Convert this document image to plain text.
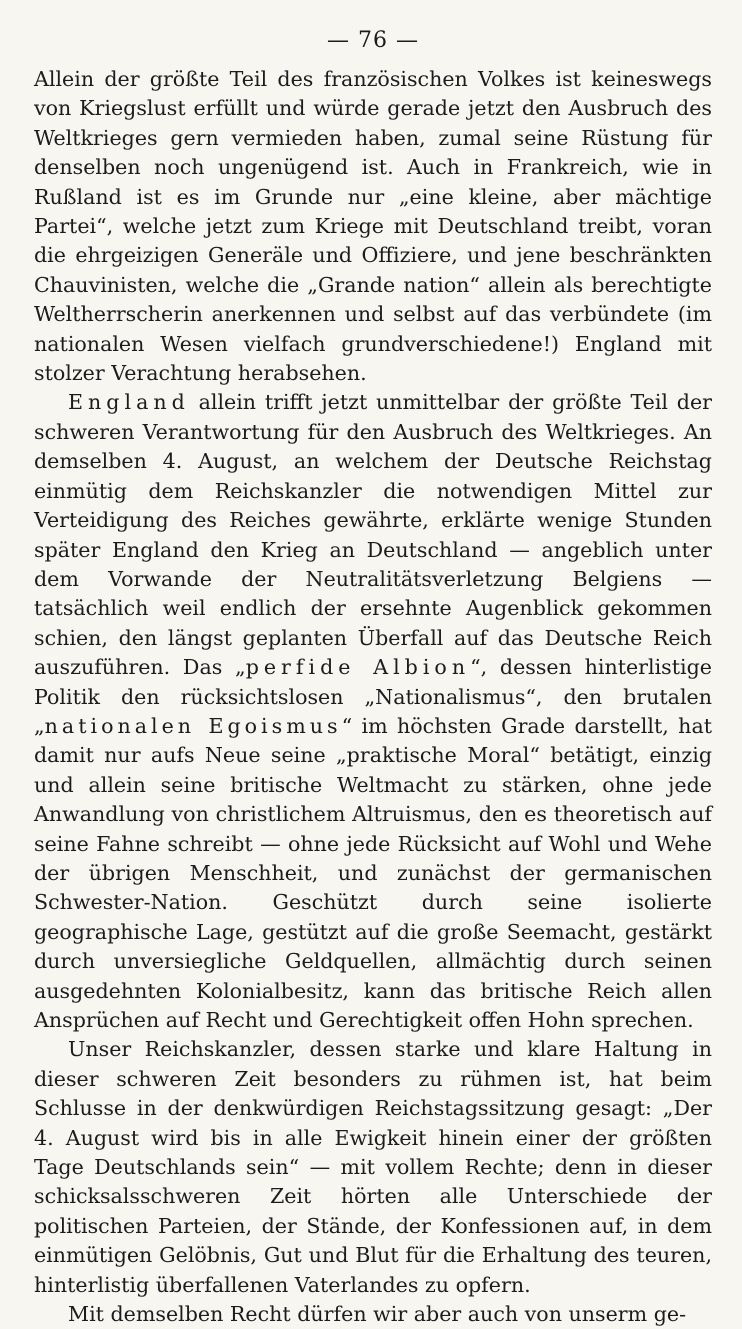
— 76 —

Allein der größte Teil des französischen Volkes ist keineswegs von Kriegslust erfüllt und würde gerade jetzt den Ausbruch des Weltkrieges gern vermieden haben, zumal seine Rüstung für denselben noch ungenügend ist. Auch in Frankreich, wie in Rußland ist es im Grunde nur „eine kleine, aber mächtige Partei“, welche jetzt zum Kriege mit Deutschland treibt, voran die ehrgeizigen Generäle und Offiziere, und jene beschränkten Chauvinisten, welche die „Grande nation“ allein als berechtigte Weltherrscherin anerkennen und selbst auf das verbündete (im nationalen Wesen vielfach grundverschiedene!) England mit stolzer Verachtung herabsehen.

England allein trifft jetzt unmittelbar der größte Teil der schweren Verantwortung für den Ausbruch des Weltkrieges. An demselben 4. August, an welchem der Deutsche Reichstag einmütig dem Reichskanzler die notwendigen Mittel zur Verteidigung des Reiches gewährte, erklärte wenige Stunden später England den Krieg an Deutschland — angeblich unter dem Vorwande der Neutralitätsverletzung Belgiens — tatsächlich weil endlich der ersehnte Augenblick gekommen schien, den längst geplanten Überfall auf das Deutsche Reich auszuführen. Das „perfide Albion“, dessen hinterlistige Politik den rücksichtslosen „Nationalismus“, den brutalen „nationalen Egoismus“ im höchsten Grade darstellt, hat damit nur aufs Neue seine „praktische Moral“ betätigt, einzig und allein seine britische Weltmacht zu stärken, ohne jede Anwandlung von christlichem Altruismus, den es theoretisch auf seine Fahne schreibt — ohne jede Rücksicht auf Wohl und Wehe der übrigen Menschheit, und zunächst der germanischen Schwester-Nation. Geschützt durch seine isolierte geographische Lage, gestützt auf die große Seemacht, gestärkt durch unversiegliche Geldquellen, allmächtig durch seinen ausgedehnten Kolonialbesitz, kann das britische Reich allen Ansprüchen auf Recht und Gerechtigkeit offen Hohn sprechen.

Unser Reichskanzler, dessen starke und klare Haltung in dieser schweren Zeit besonders zu rühmen ist, hat beim Schlusse in der denkwürdigen Reichstagssitzung gesagt: „Der 4. August wird bis in alle Ewigkeit hinein einer der größten Tage Deutschlands sein“ — mit vollem Rechte; denn in dieser schicksalsschweren Zeit hörten alle Unterschiede der politischen Parteien, der Stände, der Konfessionen auf, in dem einmütigen Gelöbnis, Gut und Blut für die Erhaltung des teuren, hinterlistig überfallenen Vaterlandes zu opfern.

Mit demselben Recht dürfen wir aber auch von unserm ge-
